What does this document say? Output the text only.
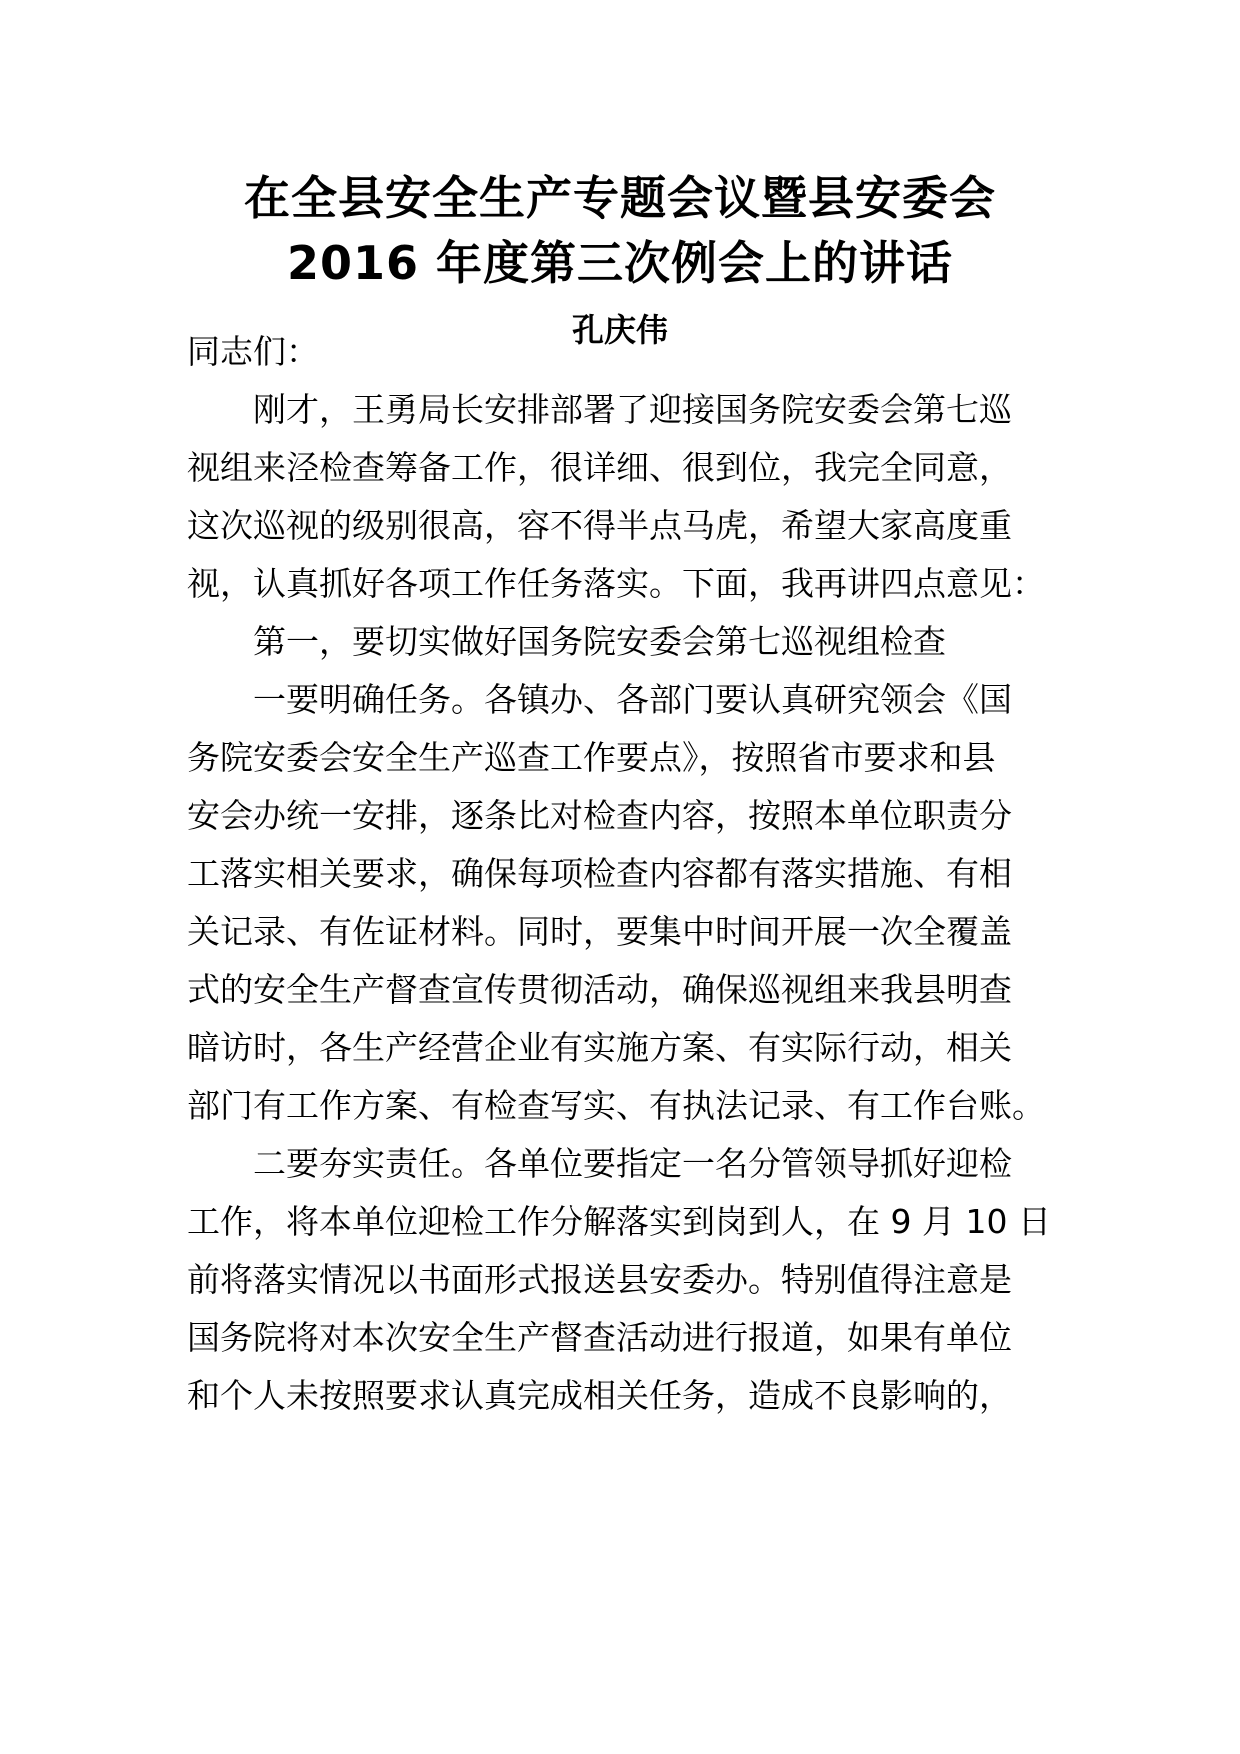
在全县安全生产专题会议暨县安委会
2016 年度第三次例会上的讲话
孔庆伟
同志们：
刚才，王勇局长安排部署了迎接国务院安委会第七巡
视组来泾检查筹备工作，很详细、很到位，我完全同意，
这次巡视的级别很高，容不得半点马虎，希望大家高度重
视，认真抓好各项工作任务落实。下面，我再讲四点意见：
第一，要切实做好国务院安委会第七巡视组检查
一要明确任务。各镇办、各部门要认真研究领会《国
务院安委会安全生产巡查工作要点》，按照省市要求和县
安会办统一安排，逐条比对检查内容，按照本单位职责分
工落实相关要求，确保每项检查内容都有落实措施、有相
关记录、有佐证材料。同时，要集中时间开展一次全覆盖
式的安全生产督查宣传贯彻活动，确保巡视组来我县明查
暗访时，各生产经营企业有实施方案、有实际行动，相关
部门有工作方案、有检查写实、有执法记录、有工作台账。
二要夯实责任。各单位要指定一名分管领导抓好迎检
工作，将本单位迎检工作分解落实到岗到人，在 9 月 10 日
前将落实情况以书面形式报送县安委办。特别值得注意是
国务院将对本次安全生产督查活动进行报道，如果有单位
和个人未按照要求认真完成相关任务，造成不良影响的，
